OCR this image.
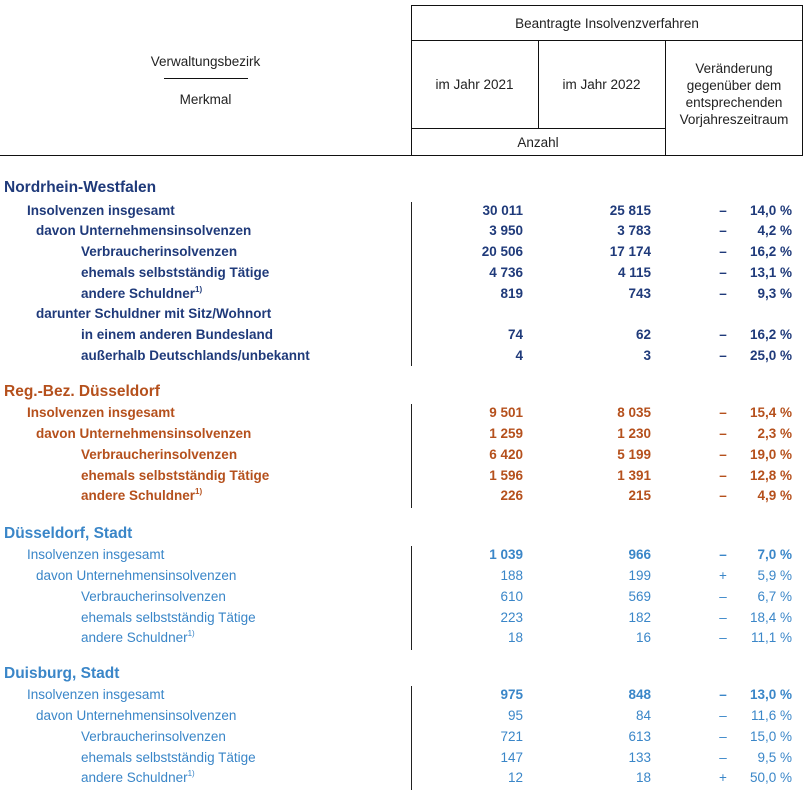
Verwaltungsbezirk
Merkmal
Beantragte Insolvenzverfahren
im Jahr 2021	im Jahr 2022
Veränderung gegenüber dem entsprechenden Vorjahreszeitraum
Anzahl
Nordrhein-Westfalen
Insolvenzen insgesamt	30 011	25 815	– 14,0 %
davon Unternehmensinsolvenzen	3 950	3 783	– 4,2 %
Verbraucherinsolvenzen	20 506	17 174	– 16,2 %
ehemals selbstständig Tätige	4 736	4 115	– 13,1 %
andere Schuldner$^{1)}$	819	743	– 9,3 %
darunter Schuldner mit Sitz/Wohnort
in einem anderen Bundesland	74	62	– 16,2 %
außerhalb Deutschlands/unbekannt	4	3	– 25,0 %
Reg.-Bez. Düsseldorf
Insolvenzen insgesamt	9 501	8 035	– 15,4 %
davon Unternehmensinsolvenzen	1 259	1 230	– 2,3 %
Verbraucherinsolvenzen	6 420	5 199	– 19,0 %
ehemals selbstständig Tätige	1 596	1 391	– 12,8 %
andere Schuldner$^{1)}$	226	215	– 4,9 %
Düsseldorf, Stadt
Insolvenzen insgesamt	1 039	966	– 7,0 %
davon Unternehmensinsolvenzen	188	199	+ 5,9 %
Verbraucherinsolvenzen	610	569	– 6,7 %
ehemals selbstständig Tätige	223	182	– 18,4 %
andere Schuldner$^{1)}$	18	16	– 11,1 %
Duisburg, Stadt
Insolvenzen insgesamt	975	848	– 13,0 %
davon Unternehmensinsolvenzen	95	84	– 11,6 %
Verbraucherinsolvenzen	721	613	– 15,0 %
ehemals selbstständig Tätige	147	133	– 9,5 %
andere Schuldner$^{1)}$	12	18	+ 50,0 %
